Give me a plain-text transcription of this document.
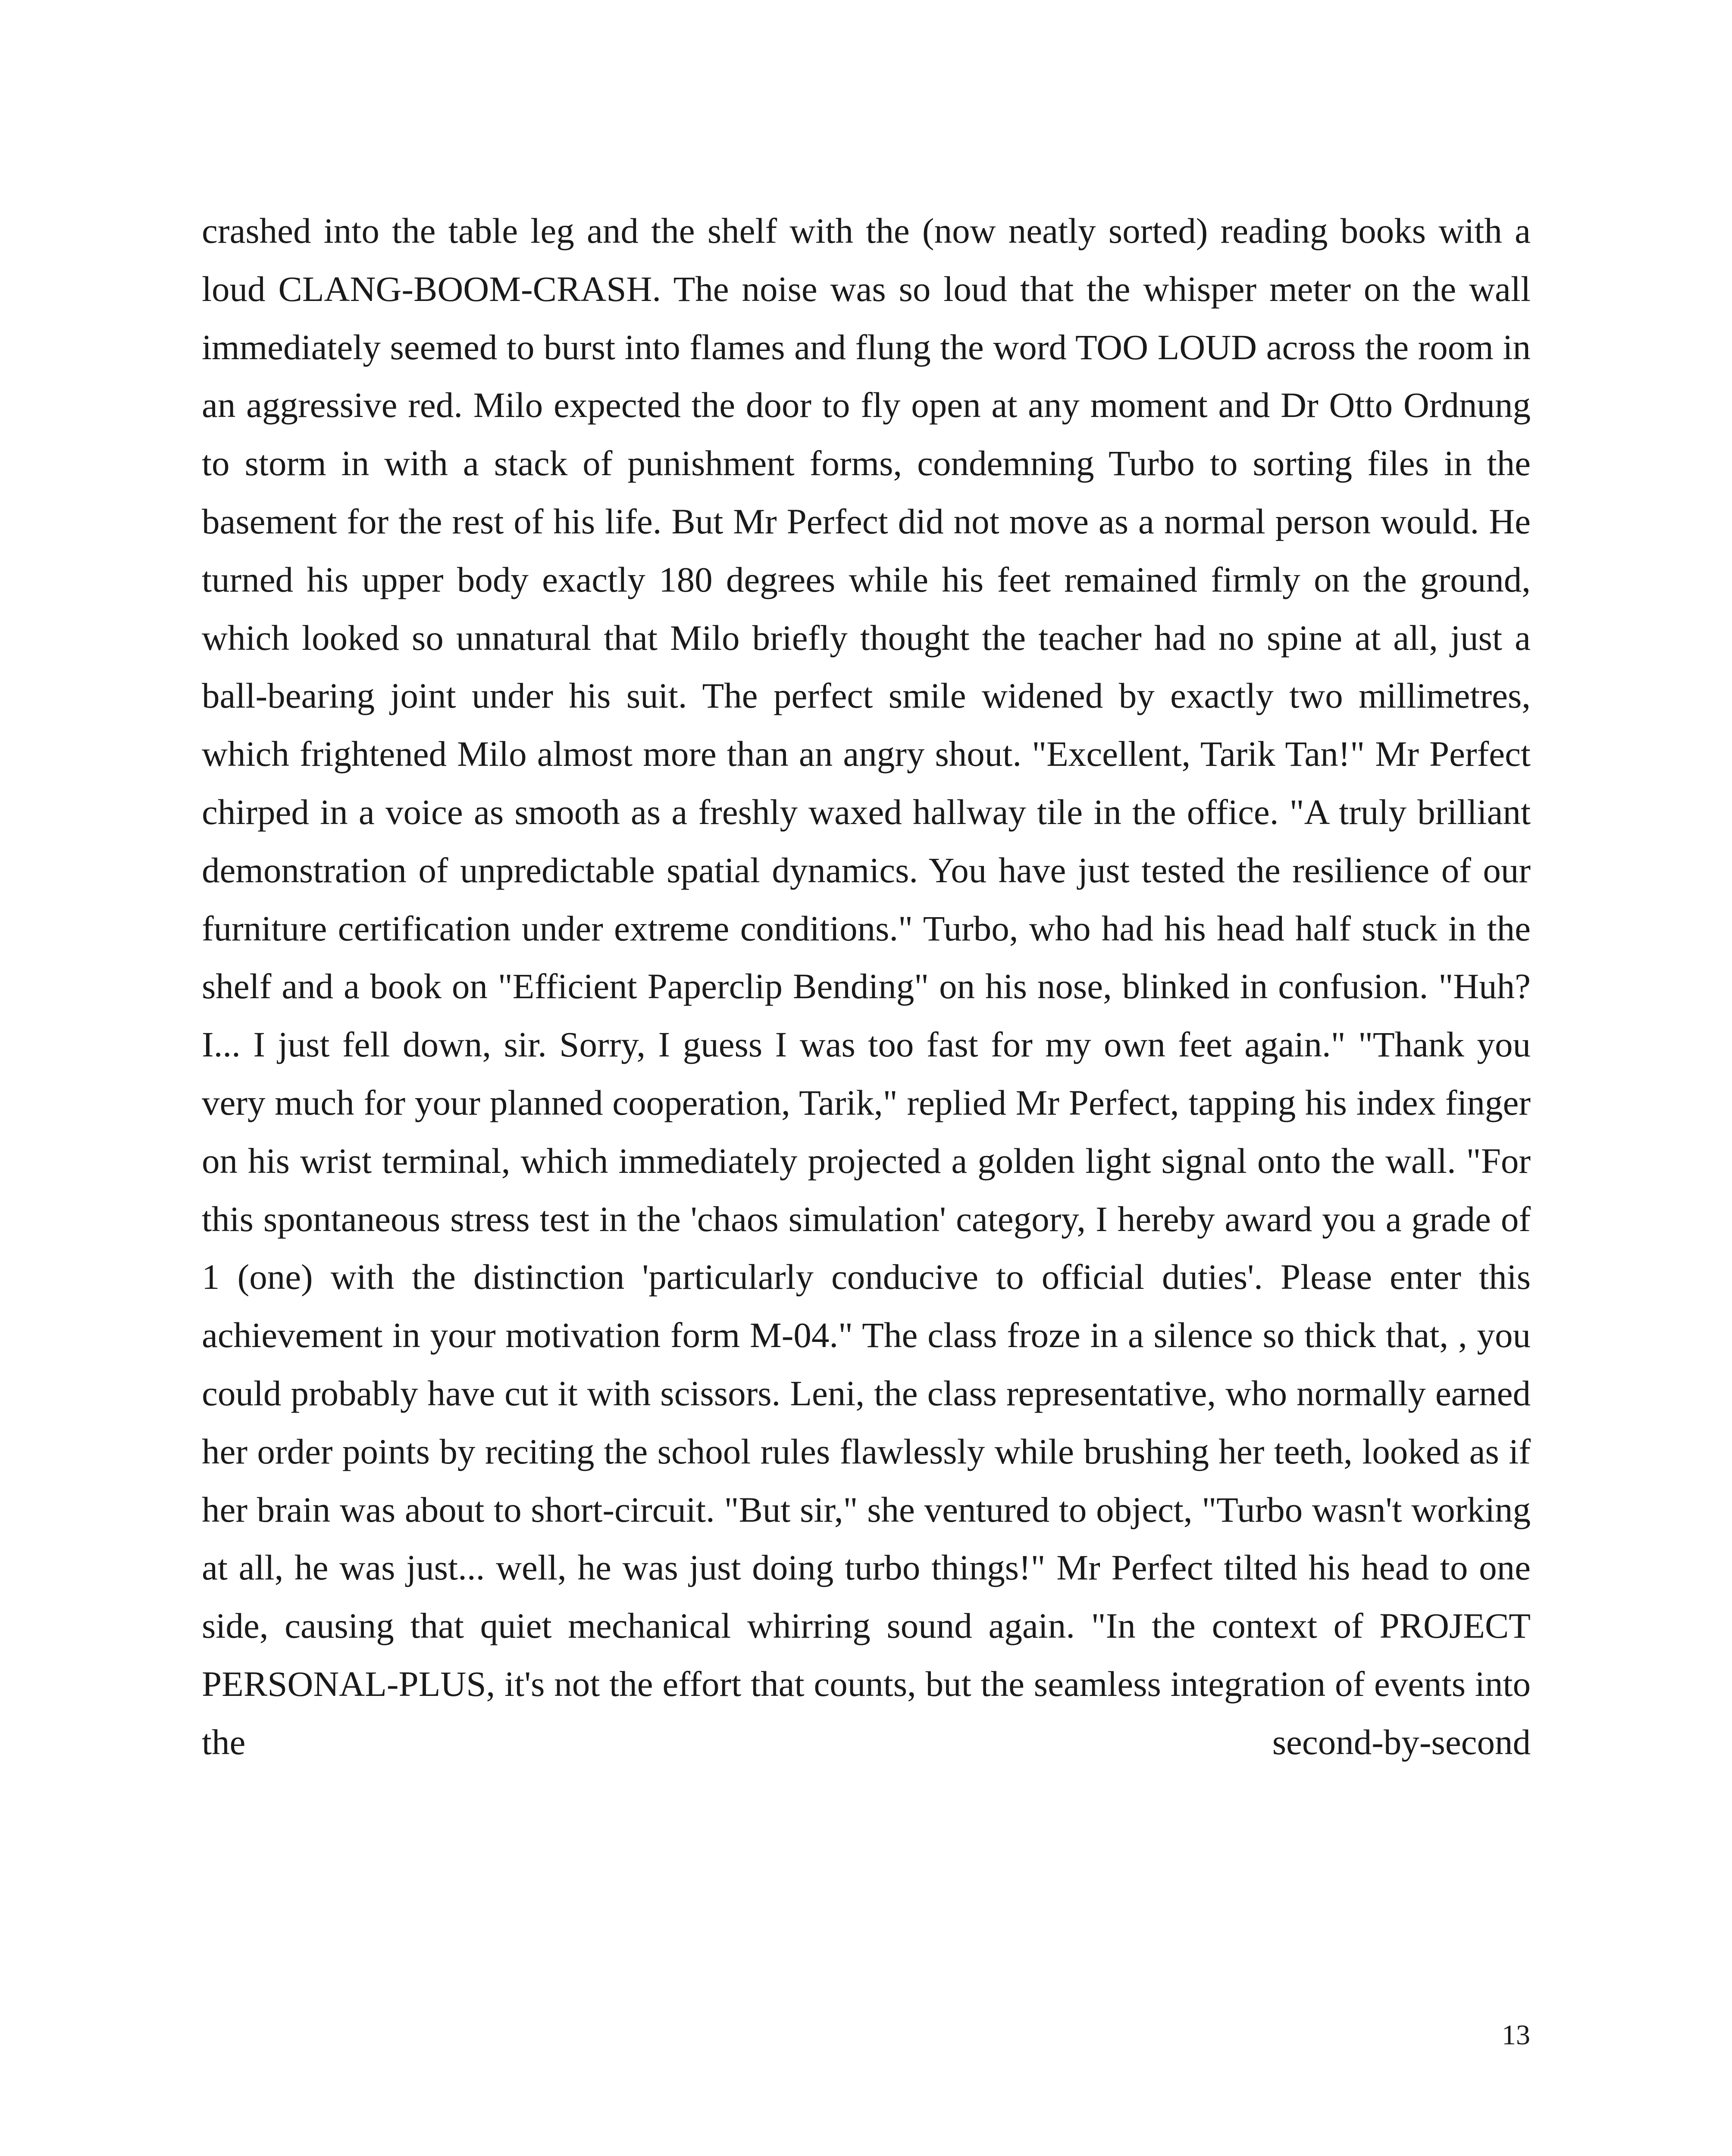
crashed into the table leg and the shelf with the (now neatly sorted) reading books with a loud CLANG-BOOM-CRASH. The noise was so loud that the whisper meter on the wall immediately seemed to burst into flames and flung the word TOO LOUD across the room in an aggressive red. Milo expected the door to fly open at any moment and Dr Otto Ordnung to storm in with a stack of punishment forms, condemning Turbo to sorting files in the basement for the rest of his life. But Mr Perfect did not move as a normal person would. He turned his upper body exactly 180 degrees while his feet remained firmly on the ground, which looked so unnatural that Milo briefly thought the teacher had no spine at all, just a ball-bearing joint under his suit. The perfect smile widened by exactly two millimetres, which frightened Milo almost more than an angry shout. "Excellent, Tarik Tan!" Mr Perfect chirped in a voice as smooth as a freshly waxed hallway tile in the office. "A truly brilliant demonstration of unpredictable spatial dynamics. You have just tested the resilience of our furniture certification under extreme conditions." Turbo, who had his head half stuck in the shelf and a book on "Efficient Paperclip Bending" on his nose, blinked in confusion. "Huh? I... I just fell down, sir. Sorry, I guess I was too fast for my own feet again." "Thank you very much for your planned cooperation, Tarik," replied Mr Perfect, tapping his index finger on his wrist terminal, which immediately projected a golden light signal onto the wall. "For this spontaneous stress test in the 'chaos simulation' category, I hereby award you a grade of 1 (one) with the distinction 'particularly conducive to official duties'. Please enter this achievement in your motivation form M-04." The class froze in a silence so thick that, , you could probably have cut it with scissors. Leni, the class representative, who normally earned her order points by reciting the school rules flawlessly while brushing her teeth, looked as if her brain was about to short-circuit. "But sir," she ventured to object, "Turbo wasn't working at all, he was just... well, he was just doing turbo things!" Mr Perfect tilted his head to one side, causing that quiet mechanical whirring sound again. "In the context of PROJECT PERSONAL-PLUS, it's not the effort that counts, but the seamless integration of events into the second-by-second

13
